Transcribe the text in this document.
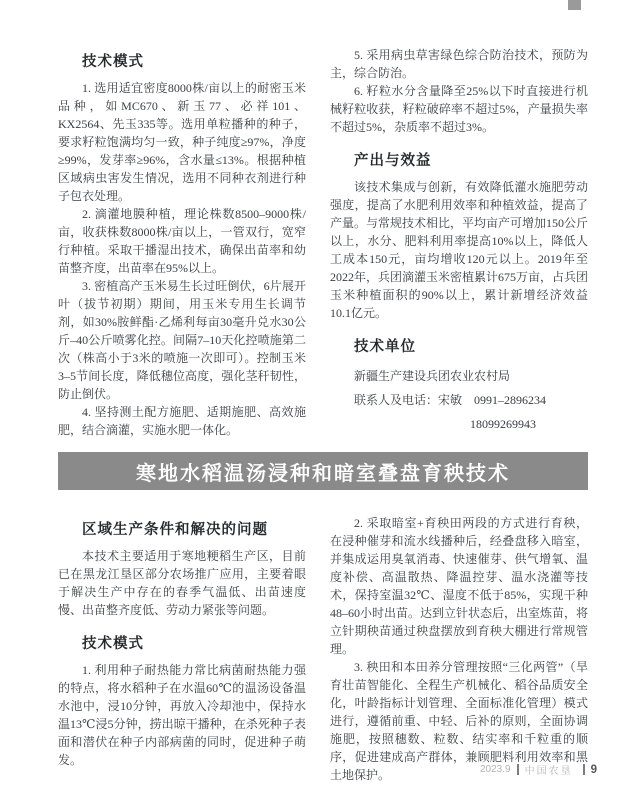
技术模式

1. 选用适宜密度8000株/亩以上的耐密玉米品种，如MC670、新玉77、必祥101、KX2564、先玉335等。选用单粒播种的种子，要求籽粒饱满均匀一致，种子纯度≥97%，净度≥99%，发芽率≥96%，含水量≤13%。根据种植区域病虫害发生情况，选用不同种衣剂进行种子包衣处理。

2. 滴灌地膜种植，理论株数8500–9000株/亩，收获株数8000株/亩以上，一管双行，宽窄行种植。采取干播湿出技术，确保出苗率和幼苗整齐度，出苗率在95%以上。

3. 密植高产玉米易生长过旺倒伏，6片展开叶（拔节初期）期间，用玉米专用生长调节剂，如30%胺鲜酯·乙烯利每亩30毫升兑水30公斤–40公斤喷雾化控。间隔7–10天化控喷施第二次（株高小于3米的喷施一次即可）。控制玉米3–5节间长度，降低穗位高度，强化茎秆韧性，防止倒伏。

4. 坚持测土配方施肥、适期施肥、高效施肥，结合滴灌，实施水肥一体化。

5. 采用病虫草害绿色综合防治技术，预防为主，综合防治。

6. 籽粒水分含量降至25%以下时直接进行机械籽粒收获，籽粒破碎率不超过5%，产量损失率不超过5%，杂质率不超过3%。

产出与效益

该技术集成与创新，有效降低灌水施肥劳动强度，提高了水肥利用效率和种植效益，提高了产量。与常规技术相比，平均亩产可增加150公斤以上，水分、肥料利用率提高10%以上，降低人工成本150元，亩均增收120元以上。2019年至2022年，兵团滴灌玉米密植累计675万亩，占兵团玉米种植面积的90%以上，累计新增经济效益10.1亿元。

技术单位

新疆生产建设兵团农业农村局

联系人及电话：宋敏　0991–2896234

18099269943

寒地水稻温汤浸种和暗室叠盘育秧技术
区域生产条件和解决的问题

本技术主要适用于寒地粳稻生产区，目前已在黑龙江垦区部分农场推广应用，主要着眼于解决生产中存在的春季气温低、出苗速度慢、出苗整齐度低、劳动力紧张等问题。

技术模式

1. 利用种子耐热能力常比病菌耐热能力强的特点，将水稻种子在水温60℃的温汤设备温水池中，浸10分钟，再放入冷却池中，保持水温13℃浸5分钟，捞出晾干播种，在杀死种子表面和潜伏在种子内部病菌的同时，促进种子萌发。

2. 采取暗室+育秧田两段的方式进行育秧，在浸种催芽和流水线播种后，经叠盘移入暗室，并集成运用臭氧消毒、快速催芽、供气增氧、温度补偿、高温散热、降温控芽、温水浇灌等技术，保持室温32℃、湿度不低于85%，实现干种48–60小时出苗。达到立针状态后，出室炼苗，将立针期秧苗通过秧盘摆放到育秧大棚进行常规管理。

3. 秧田和本田养分管理按照“三化两管”（旱育壮苗智能化、全程生产机械化、稻谷品质安全化，叶龄指标计划管理、全面标准化管理）模式进行，遵循前重、中轻、后补的原则，全面协调施肥，按照穗数、粒数、结实率和千粒重的顺序，促进建成高产群体，兼顾肥料利用效率和黑土地保护。	2023.9 中国农垦 9
